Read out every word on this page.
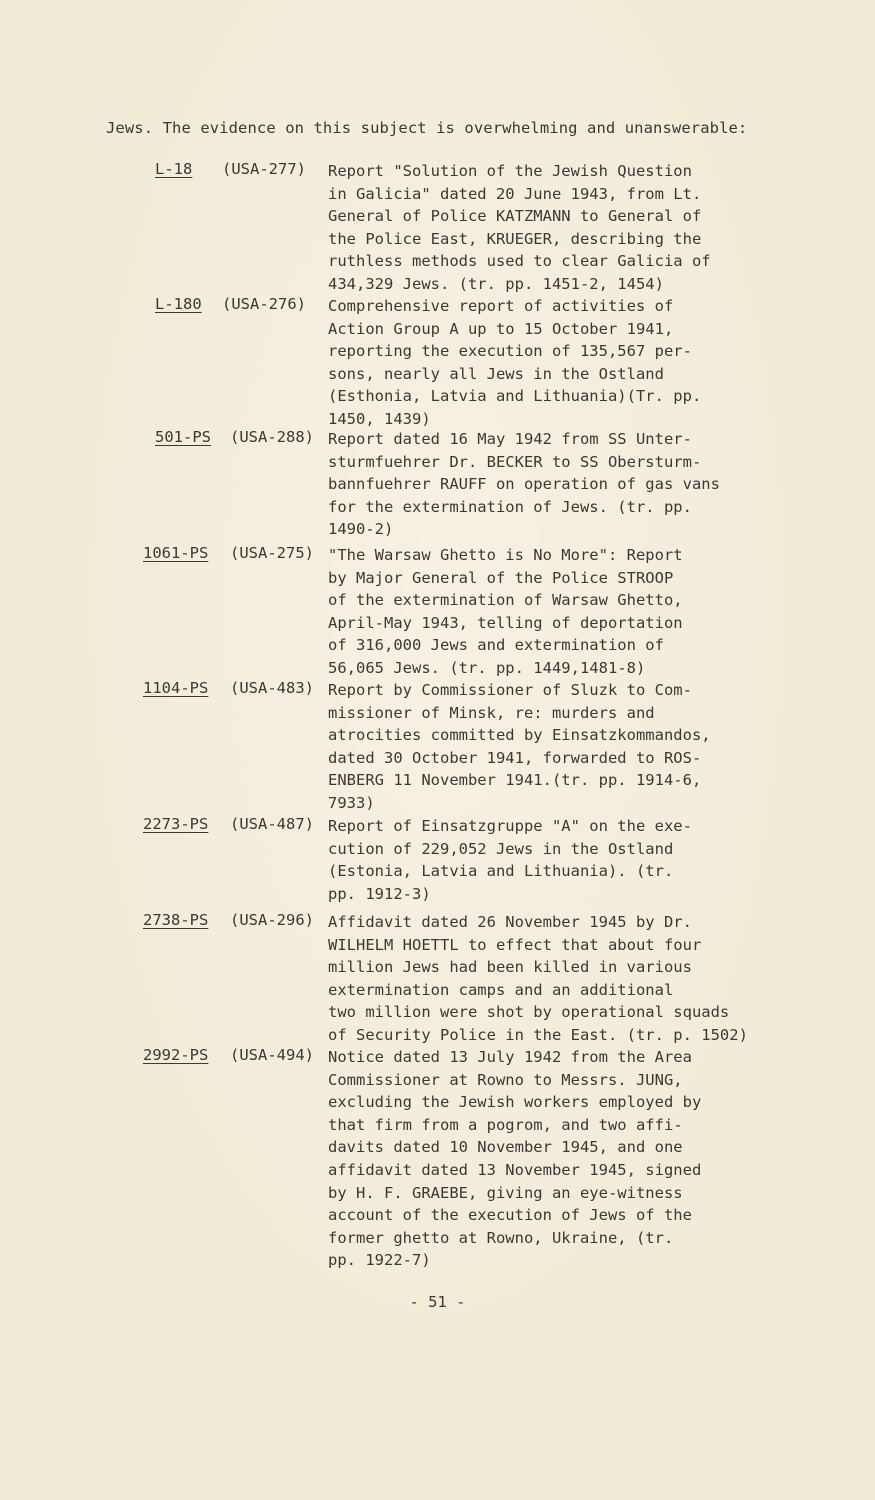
Jews. The evidence on this subject is overwhelming and unanswerable:
L-18 (USA-277) Report "Solution of the Jewish Question
in Galicia" dated 20 June 1943, from Lt.
General of Police KATZMANN to General of
the Police East, KRUEGER, describing the
ruthless methods used to clear Galicia of
434,329 Jews. (tr. pp. 1451-2, 1454)
L-180 (USA-276) Comprehensive report of activities of
Action Group A up to 15 October 1941,
reporting the execution of 135,567 per-
sons, nearly all Jews in the Ostland
(Esthonia, Latvia and Lithuania)(Tr. pp.
1450, 1439)
501-PS (USA-288) Report dated 16 May 1942 from SS Unter-
sturmfuehrer Dr. BECKER to SS Obersturm-
bannfuehrer RAUFF on operation of gas vans
for the extermination of Jews. (tr. pp.
1490-2)
1061-PS (USA-275) "The Warsaw Ghetto is No More": Report
by Major General of the Police STROOP
of the extermination of Warsaw Ghetto,
April-May 1943, telling of deportation
of 316,000 Jews and extermination of
56,065 Jews. (tr. pp. 1449,1481-8)
1104-PS (USA-483) Report by Commissioner of Sluzk to Com-
missioner of Minsk, re: murders and
atrocities committed by Einsatzkommandos,
dated 30 October 1941, forwarded to ROS-
ENBERG 11 November 1941.(tr. pp. 1914-6,
7933)
2273-PS (USA-487) Report of Einsatzgruppe "A" on the exe-
cution of 229,052 Jews in the Ostland
(Estonia, Latvia and Lithuania). (tr.
pp. 1912-3)
2738-PS (USA-296) Affidavit dated 26 November 1945 by Dr.
WILHELM HOETTL to effect that about four
million Jews had been killed in various
extermination camps and an additional
two million were shot by operational squads
of Security Police in the East. (tr. p. 1502)
2992-PS (USA-494) Notice dated 13 July 1942 from the Area
Commissioner at Rowno to Messrs. JUNG,
excluding the Jewish workers employed by
that firm from a pogrom, and two affi-
davits dated 10 November 1945, and one
affidavit dated 13 November 1945, signed
by H. F. GRAEBE, giving an eye-witness
account of the execution of Jews of the
former ghetto at Rowno, Ukraine, (tr.
pp. 1922-7)
- 51 -
